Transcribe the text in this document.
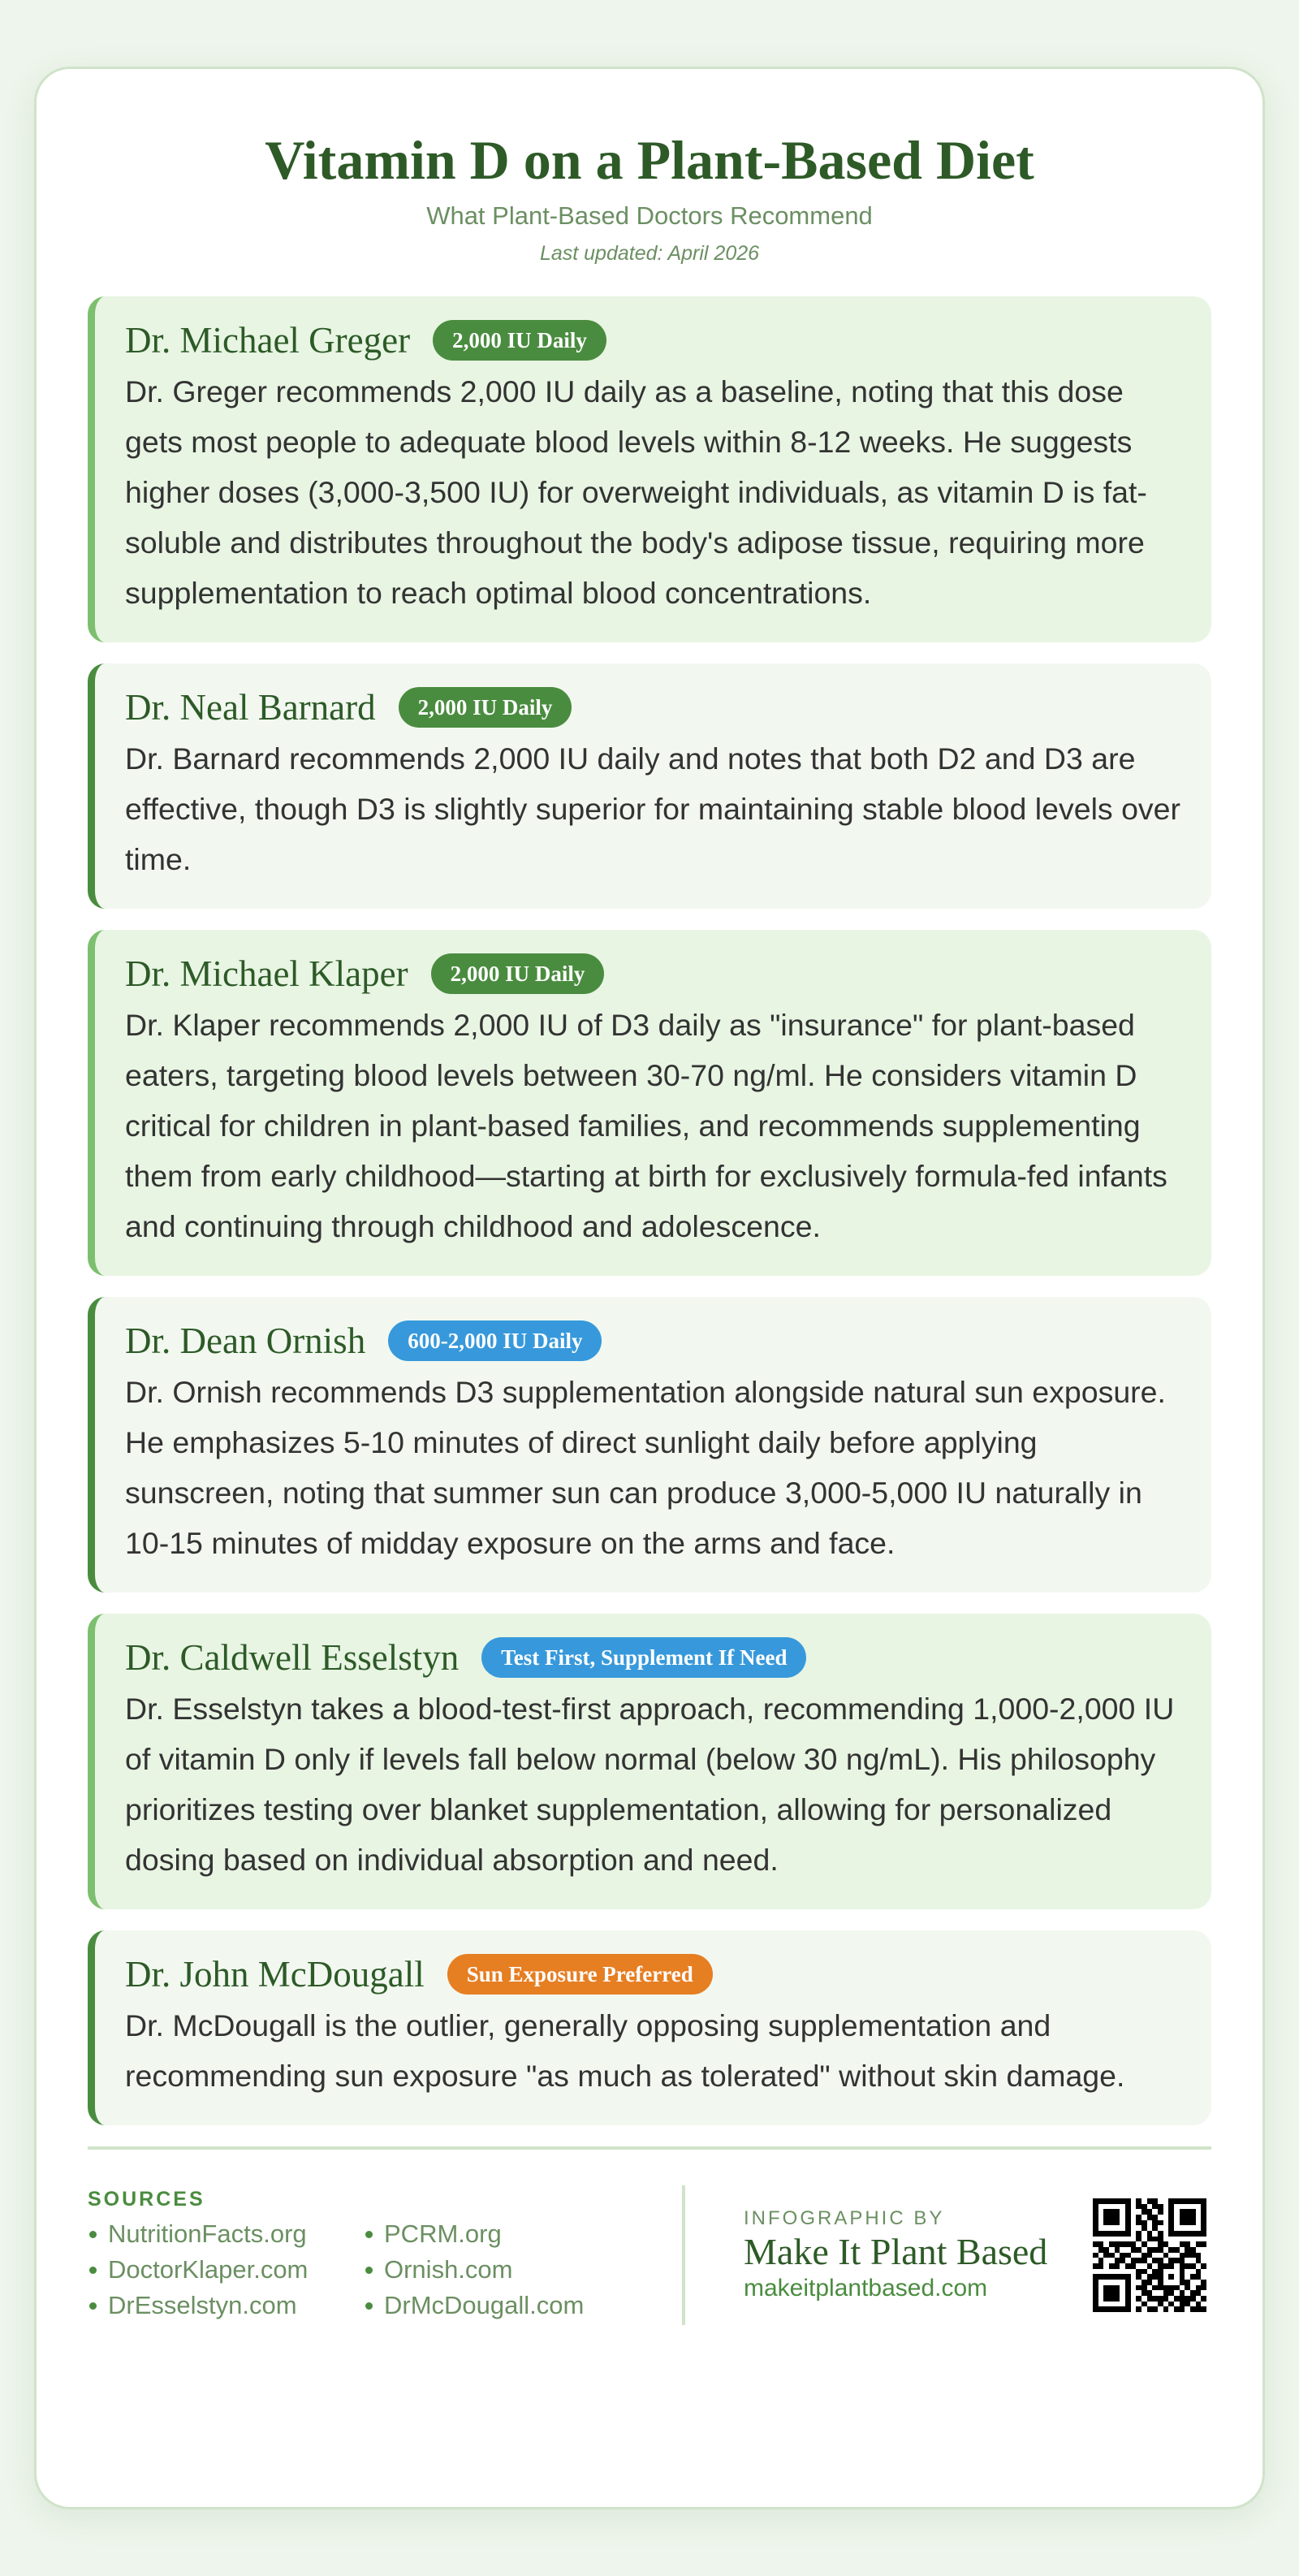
Vitamin D on a Plant-Based Diet
What Plant-Based Doctors Recommend
Last updated: April 2026
Dr. Michael Greger	2,000 IU Daily

Dr. Greger recommends 2,000 IU daily as a baseline, noting that this dose gets most people to adequate blood levels within 8-12 weeks. He suggests higher doses (3,000-3,500 IU) for overweight individuals, as vitamin D is fat-soluble and distributes throughout the body's adipose tissue, requiring more supplementation to reach optimal blood concentrations.

Dr. Neal Barnard	2,000 IU Daily

Dr. Barnard recommends 2,000 IU daily and notes that both D2 and D3 are effective, though D3 is slightly superior for maintaining stable blood levels over time.

Dr. Michael Klaper	2,000 IU Daily

Dr. Klaper recommends 2,000 IU of D3 daily as "insurance" for plant-based eaters, targeting blood levels between 30-70 ng/ml. He considers vitamin D critical for children in plant-based families, and recommends supplementing them from early childhood—starting at birth for exclusively formula-fed infants and continuing through childhood and adolescence.

Dr. Dean Ornish	600-2,000 IU Daily

Dr. Ornish recommends D3 supplementation alongside natural sun exposure. He emphasizes 5-10 minutes of direct sunlight daily before applying sunscreen, noting that summer sun can produce 3,000-5,000 IU naturally in 10-15 minutes of midday exposure on the arms and face.

Dr. Caldwell Esselstyn	Test First, Supplement If Need

Dr. Esselstyn takes a blood-test-first approach, recommending 1,000-2,000 IU of vitamin D only if levels fall below normal (below 30 ng/mL). His philosophy prioritizes testing over blanket supplementation, allowing for personalized dosing based on individual absorption and need.

Dr. John McDougall	Sun Exposure Preferred

Dr. McDougall is the outlier, generally opposing supplementation and recommending sun exposure "as much as tolerated" without skin damage.

SOURCES
NutritionFacts.org	PCRM.org
DoctorKlaper.com	Ornish.com
DrEsselstyn.com	DrMcDougall.com
INFOGRAPHIC BY
Make It Plant Based
makeitplantbased.com
